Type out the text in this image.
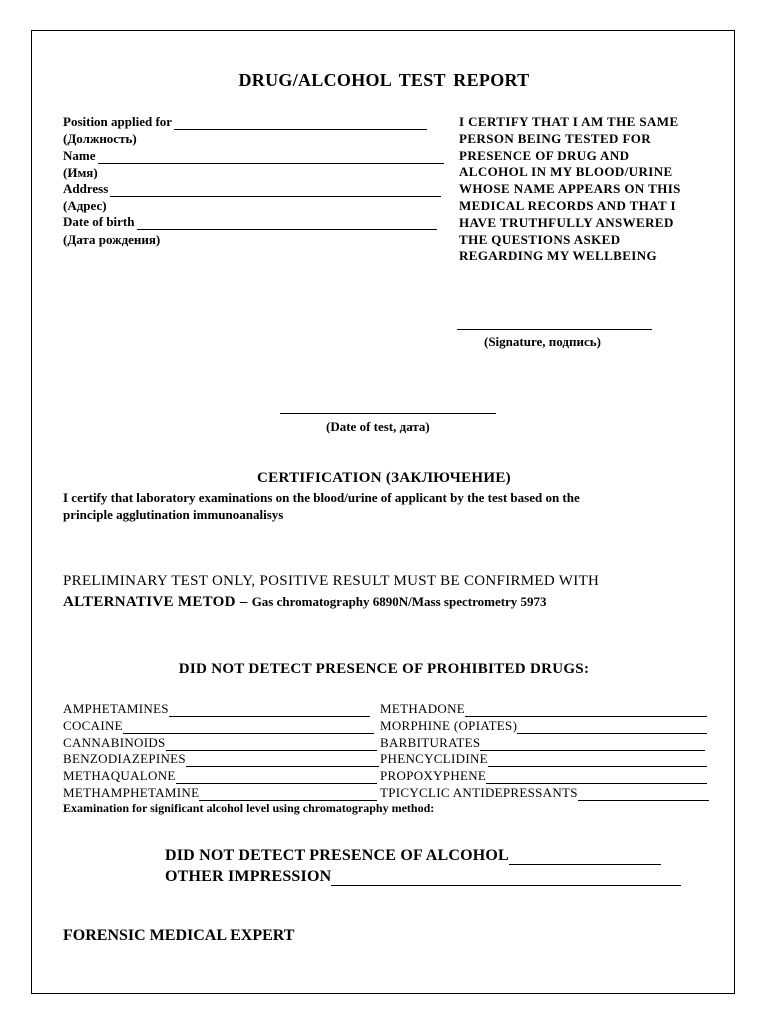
DRUG/ALCOHOL TEST REPORT
Position applied for
(Должность)
Name
(Имя)
Address
(Адрес)
Date of birth
(Дата рождения)
I CERTIFY THAT I AM THE SAME
PERSON BEING TESTED FOR
PRESENCE OF DRUG AND
ALCOHOL IN MY BLOOD/URINE
WHOSE NAME APPEARS ON THIS
MEDICAL RECORDS AND THAT I
HAVE TRUTHFULLY ANSWERED
THE QUESTIONS ASKED
REGARDING MY WELLBEING
(Signature, подпись)
(Date of test, дата)
CERTIFICATION (ЗАКЛЮЧЕНИЕ)
I certify that laboratory examinations on the blood/urine of applicant by the test based on the
principle agglutination immunoanalisys
PRELIMINARY TEST ONLY, POSITIVE RESULT MUST BE CONFIRMED WITH
ALTERNATIVE METOD – Gas chromatography 6890N/Mass spectrometry 5973
DID NOT DETECT PRESENCE OF PROHIBITED DRUGS:
AMPHETAMINES
COCAINE
CANNABINOIDS
BENZODIAZEPINES
METHAQUALONE
METHAMPHETAMINE
METHADONE
MORPHINE (OPIATES)
BARBITURATES
PHENCYCLIDINE
PROPOXYPHENE
TPICYCLIC ANTIDEPRESSANTS
Examination for significant alcohol level using chromatography method:
DID NOT DETECT PRESENCE OF ALCOHOL
OTHER IMPRESSION
FORENSIC MEDICAL EXPERT
